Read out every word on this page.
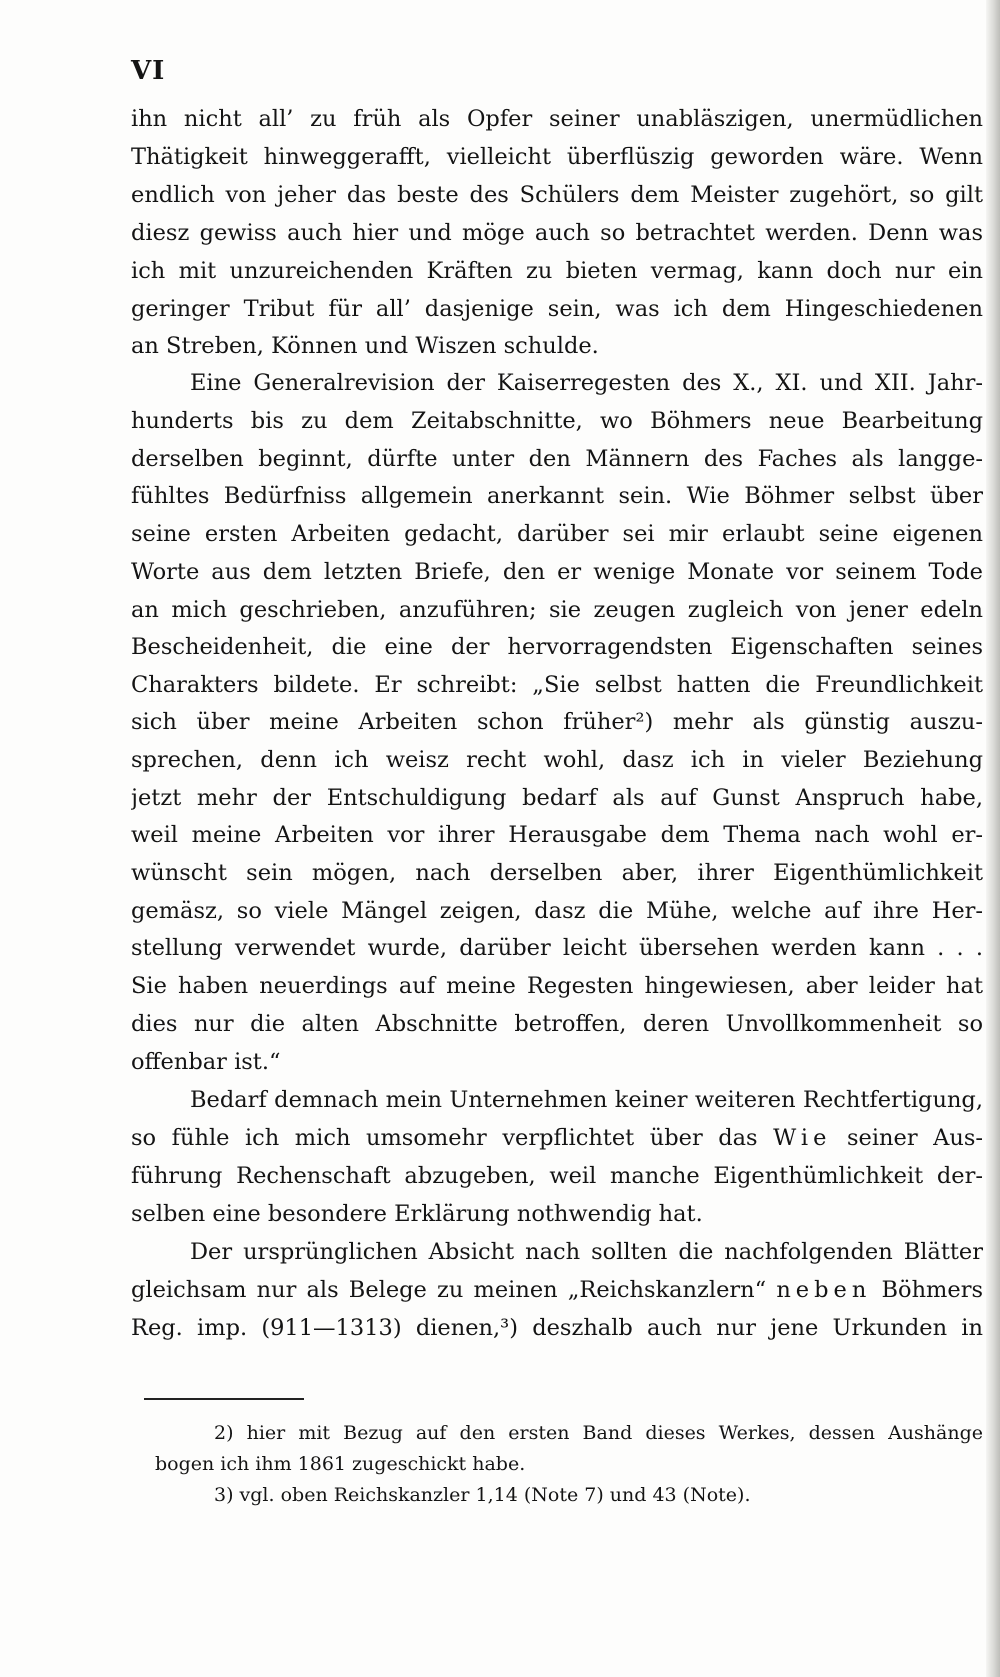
VI
ihn nicht all’ zu früh als Opfer seiner unabläszigen, unermüdlichen
Thätigkeit hinweggerafft, vielleicht überflüszig geworden wäre. Wenn
endlich von jeher das beste des Schülers dem Meister zugehört, so gilt
diesz gewiss auch hier und möge auch so betrachtet werden. Denn was
ich mit unzureichenden Kräften zu bieten vermag, kann doch nur ein
geringer Tribut für all’ dasjenige sein, was ich dem Hingeschiedenen
an Streben, Können und Wiszen schulde.
Eine Generalrevision der Kaiserregesten des X., XI. und XII. Jahr-
hunderts bis zu dem Zeitabschnitte, wo Böhmers neue Bearbeitung
derselben beginnt, dürfte unter den Männern des Faches als langge-
fühltes Bedürfniss allgemein anerkannt sein. Wie Böhmer selbst über
seine ersten Arbeiten gedacht, darüber sei mir erlaubt seine eigenen
Worte aus dem letzten Briefe, den er wenige Monate vor seinem Tode
an mich geschrieben, anzuführen; sie zeugen zugleich von jener edeln
Bescheidenheit, die eine der hervorragendsten Eigenschaften seines
Charakters bildete. Er schreibt: „Sie selbst hatten die Freundlichkeit
sich über meine Arbeiten schon früher²) mehr als günstig auszu-
sprechen, denn ich weisz recht wohl, dasz ich in vieler Beziehung
jetzt mehr der Entschuldigung bedarf als auf Gunst Anspruch habe,
weil meine Arbeiten vor ihrer Herausgabe dem Thema nach wohl er-
wünscht sein mögen, nach derselben aber, ihrer Eigenthümlichkeit
gemäsz, so viele Mängel zeigen, dasz die Mühe, welche auf ihre Her-
stellung verwendet wurde, darüber leicht übersehen werden kann . . .
Sie haben neuerdings auf meine Regesten hingewiesen, aber leider hat
dies nur die alten Abschnitte betroffen, deren Unvollkommenheit so
offenbar ist.“
Bedarf demnach mein Unternehmen keiner weiteren Rechtfertigung,
so fühle ich mich umsomehr verpflichtet über das Wie seiner Aus-
führung Rechenschaft abzugeben, weil manche Eigenthümlichkeit der-
selben eine besondere Erklärung nothwendig hat.
Der ursprünglichen Absicht nach sollten die nachfolgenden Blätter
gleichsam nur als Belege zu meinen „Reichskanzlern“ neben Böhmers
Reg. imp. (911—1313) dienen,³) deszhalb auch nur jene Urkunden in
2) hier mit Bezug auf den ersten Band dieses Werkes, dessen Aushänge
bogen ich ihm 1861 zugeschickt habe.
3) vgl. oben Reichskanzler 1,14 (Note 7) und 43 (Note).
